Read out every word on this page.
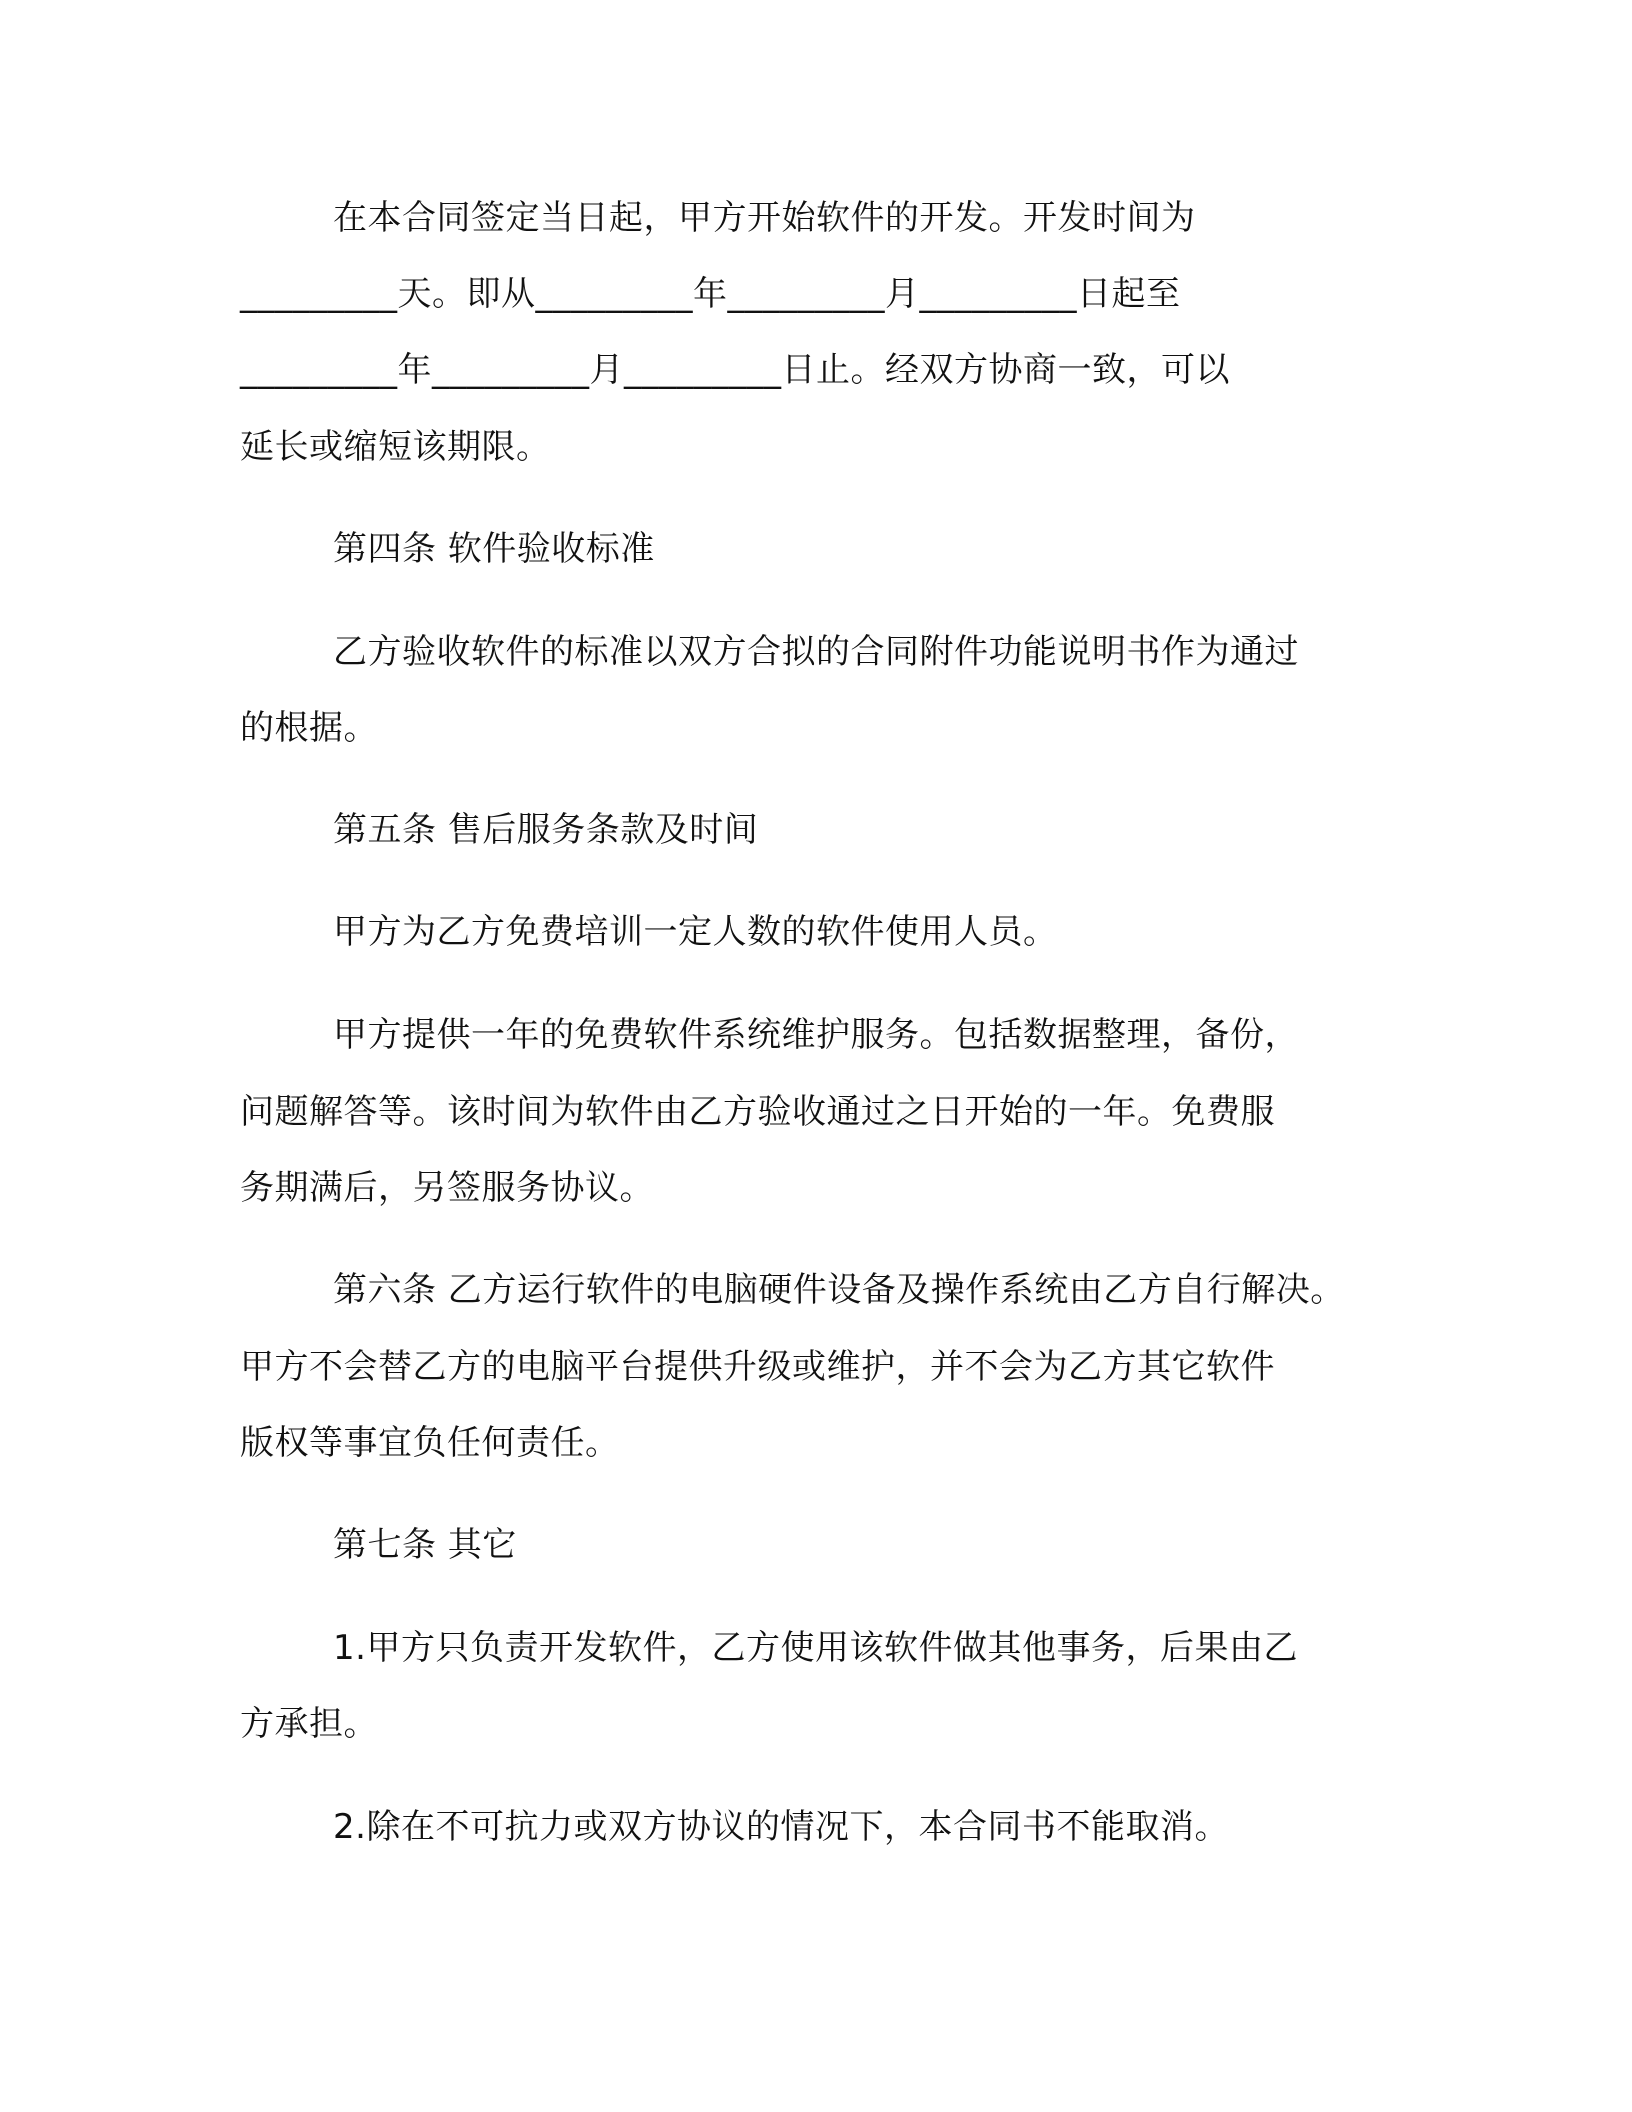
在本合同签定当日起，甲方开始软件的开发。开发时间为
_________天。即从_________年_________月_________日起至
_________年_________月_________日止。经双方协商一致，可以
延长或缩短该期限。
第四条 软件验收标准
乙方验收软件的标准以双方合拟的合同附件功能说明书作为通过
的根据。
第五条 售后服务条款及时间
甲方为乙方免费培训一定人数的软件使用人员。
甲方提供一年的免费软件系统维护服务。包括数据整理，备份，
问题解答等。该时间为软件由乙方验收通过之日开始的一年。免费服
务期满后，另签服务协议。
第六条 乙方运行软件的电脑硬件设备及操作系统由乙方自行解决。
甲方不会替乙方的电脑平台提供升级或维护，并不会为乙方其它软件
版权等事宜负任何责任。
第七条 其它
1.甲方只负责开发软件，乙方使用该软件做其他事务，后果由乙
方承担。
2.除在不可抗力或双方协议的情况下，本合同书不能取消。
